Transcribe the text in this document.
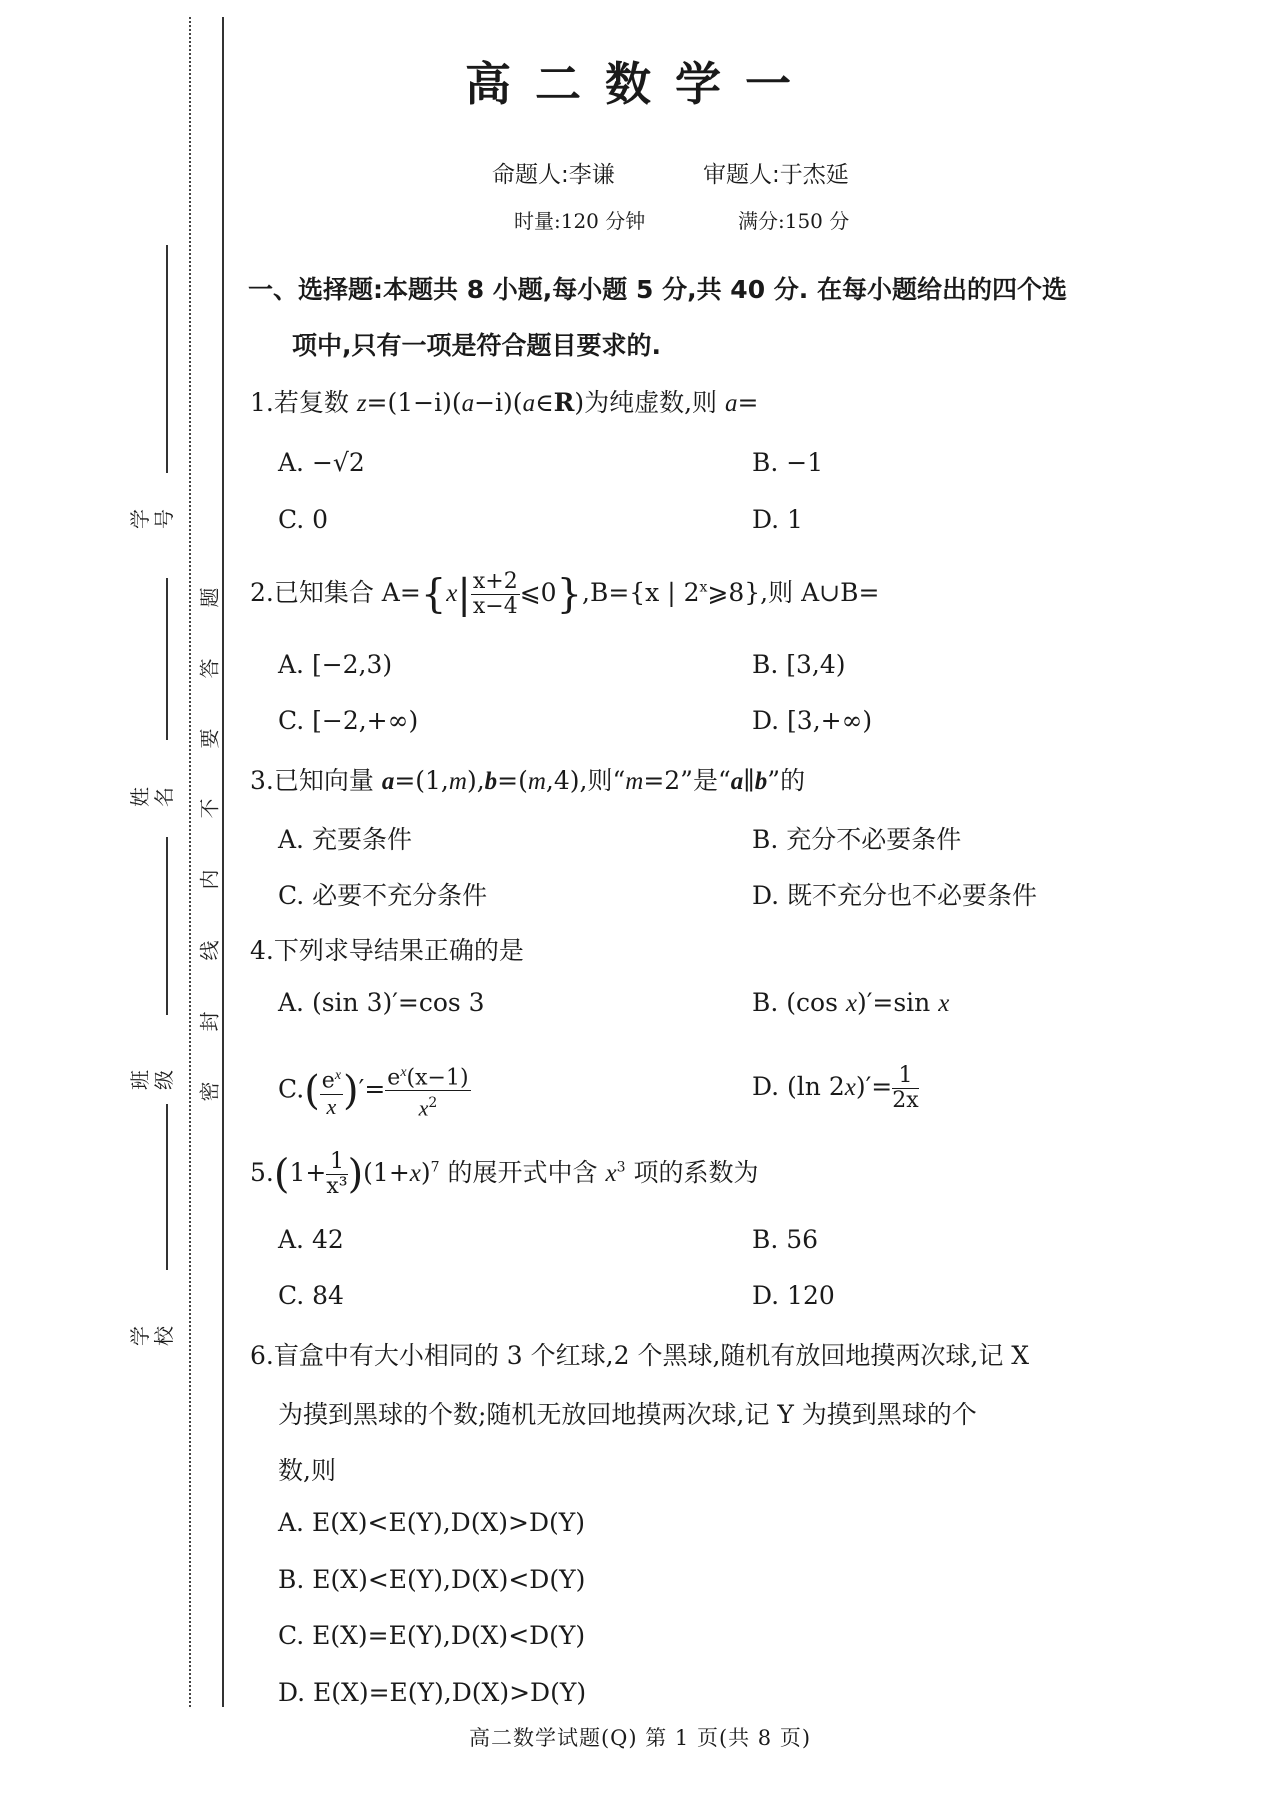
学 号
姓 名
班 级
学 校
密
封
线
内
不
要
答
题
高二数学一
命题人:李谦	审题人:于杰延
时量:120 分钟	满分:150 分
一、选择题:本题共 8 小题,每小题 5 分,共 40 分. 在每小题给出的四个选
项中,只有一项是符合题目要求的.
1.若复数 z=(1−i)(a−i)(a∈R)为纯虚数,则 a=
A. −√2	B. −1
C. 0	D. 1
2.已知集合 $A=\{x| \frac{x+2}{x-4}$ ⩽0},B={x | 2$^x$⩾8},则 A∪B=
A. [−2,3)	B. [3,4)
C. [−2,+∞)	D. [3,+∞)
3.已知向量 a=(1,m),b=(m,4),则“m=2”是“a∥b”的
A. 充要条件	B. 充分不必要条件
C. 必要不充分条件	D. 既不充分也不必要条件
4.下列求导结果正确的是
A. (sin 3)′=cos 3	B. (cos x)′=sin x
$C.( \frac{e^x}{x}$ )′= $\frac{e^x(x-1)}{x^2}$	D. (ln $2x)'= \frac{1}{2x}$
$5.(1+ \frac{1}{\text{x³}} )(1+x)^7$ 的展开式中含 $x^3$ 项的系数为
A. 42	B. 56
C. 84	D. 120
6.盲盒中有大小相同的 3 个红球,2 个黑球,随机有放回地摸两次球,记 X
为摸到黑球的个数;随机无放回地摸两次球,记 Y 为摸到黑球的个
数,则
A. E(X)<E(Y),D(X)>D(Y)
B. E(X)<E(Y),D(X)<D(Y)
C. E(X)=E(Y),D(X)<D(Y)
D. E(X)=E(Y),D(X)>D(Y)
高二数学试题(Q) 第 1 页(共 8 页)
